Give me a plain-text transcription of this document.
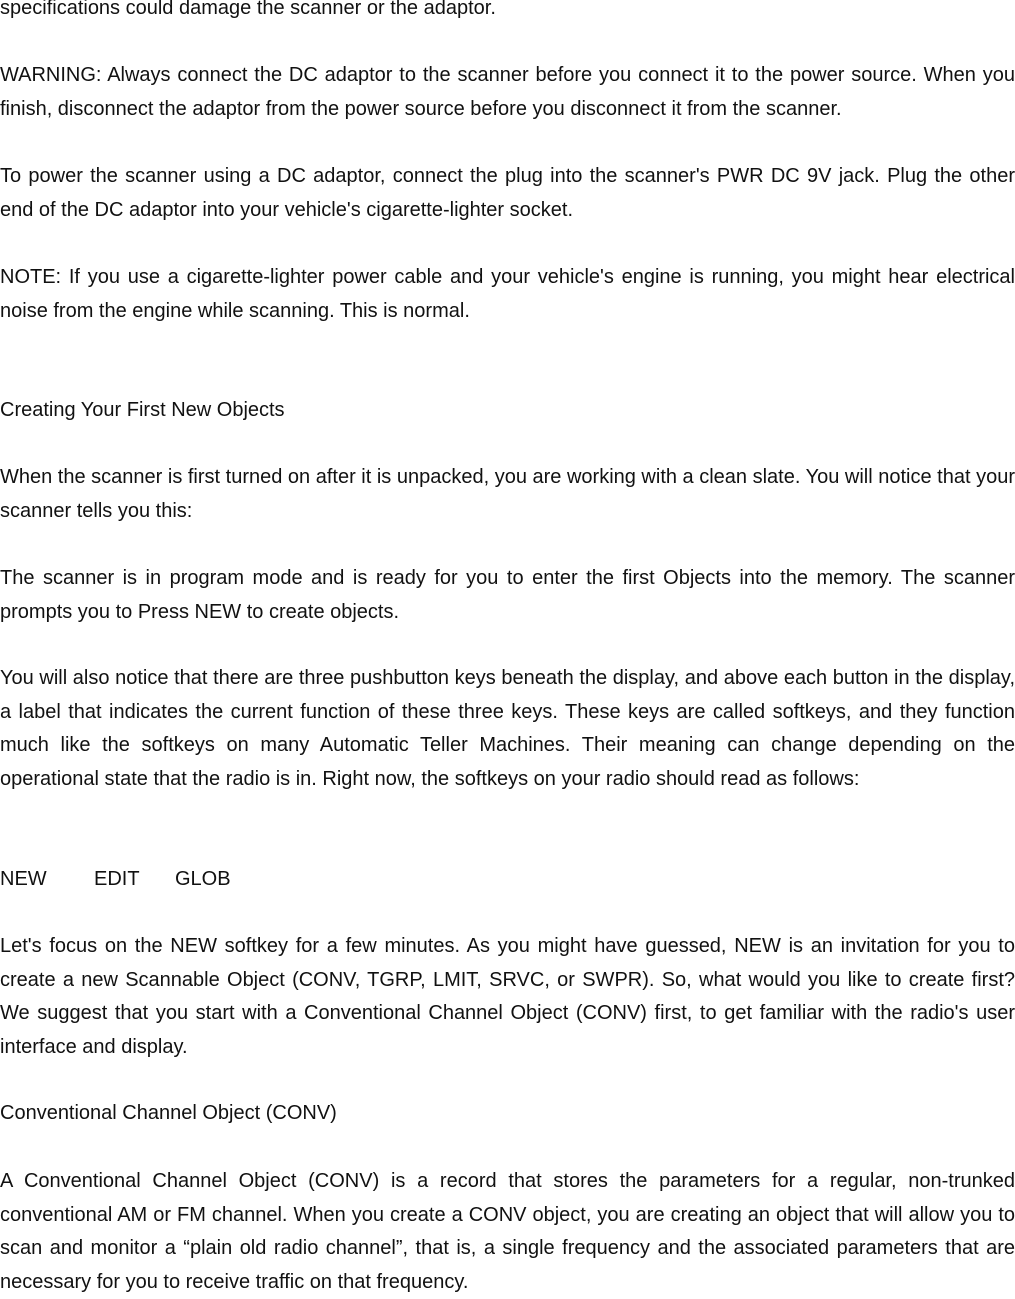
specifications could damage the scanner or the adaptor.

WARNING: Always connect the DC adaptor to the scanner before you connect it to the power source. When you finish, disconnect the adaptor from the power source before you disconnect it from the scanner.

To power the scanner using a DC adaptor, connect the plug into the scanner's PWR DC 9V jack. Plug the other end of the DC adaptor into your vehicle's cigarette-lighter socket.

NOTE: If you use a cigarette-lighter power cable and your vehicle's engine is running, you might hear electrical noise from the engine while scanning. This is normal.

Creating Your First New Objects

When the scanner is first turned on after it is unpacked, you are working with a clean slate. You will notice that your scanner tells you this:

The scanner is in program mode and is ready for you to enter the first Objects into the memory. The scanner prompts you to Press NEW to create objects.

You will also notice that there are three pushbutton keys beneath the display, and above each button in the display, a label that indicates the current function of these three keys. These keys are called softkeys, and they function much like the softkeys on many Automatic Teller Machines. Their meaning can change depending on the operational state that the radio is in. Right now, the softkeys on your radio should read as follows:

NEW EDIT GLOB

Let's focus on the NEW softkey for a few minutes. As you might have guessed, NEW is an invitation for you to create a new Scannable Object (CONV, TGRP, LMIT, SRVC, or SWPR). So, what would you like to create first? We suggest that you start with a Conventional Channel Object (CONV) first, to get familiar with the radio's user interface and display.

Conventional Channel Object (CONV)

A Conventional Channel Object (CONV) is a record that stores the parameters for a regular, non-trunked conventional AM or FM channel. When you create a CONV object, you are creating an object that will allow you to scan and monitor a “plain old radio channel”, that is, a single frequency and the associated parameters that are necessary for you to receive traffic on that frequency.
